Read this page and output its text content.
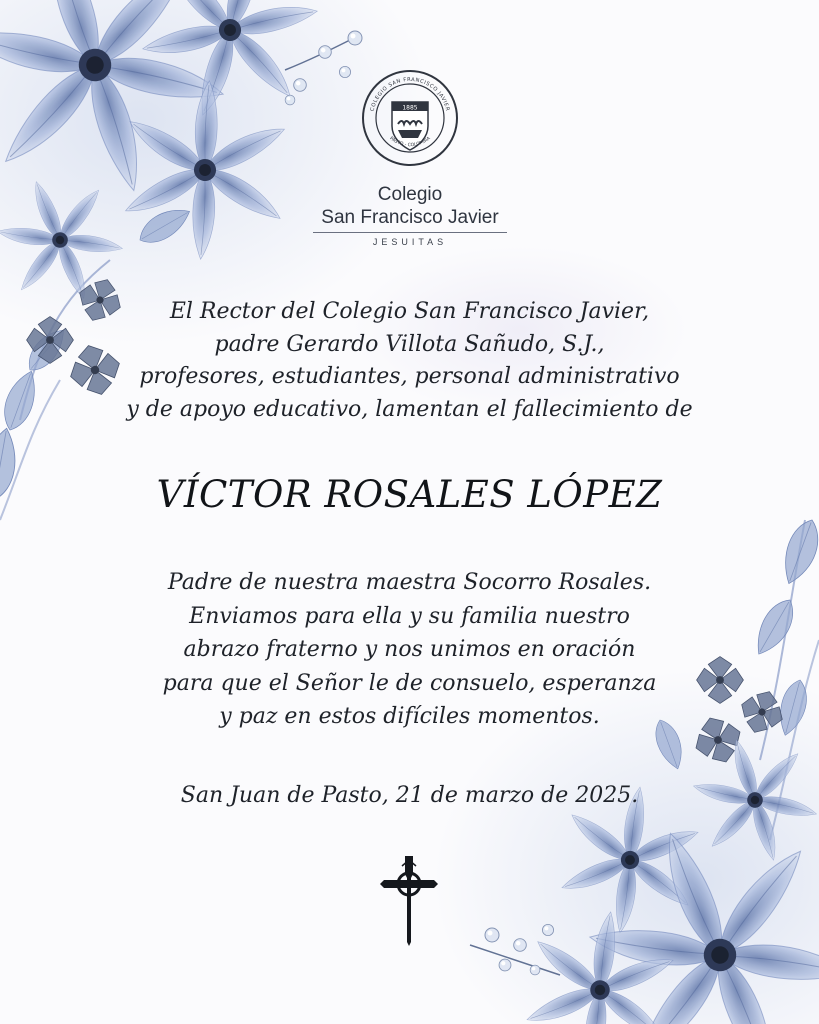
1885
COLEGIO SAN FRANCISCO JAVIER
PASTO - COLOMBIA
Colegio
San Francisco Javier
JESUITAS
El Rector del Colegio San Francisco Javier,
padre Gerardo Villota Sañudo, S.J.,
profesores, estudiantes, personal administrativo
y de apoyo educativo, lamentan el fallecimiento de
VÍCTOR ROSALES LÓPEZ
Padre de nuestra maestra Socorro Rosales.
Enviamos para ella y su familia nuestro
abrazo fraterno y nos unimos en oración
para que el Señor le de consuelo, esperanza
y paz en estos difíciles momentos.
San Juan de Pasto, 21 de marzo de 2025.
